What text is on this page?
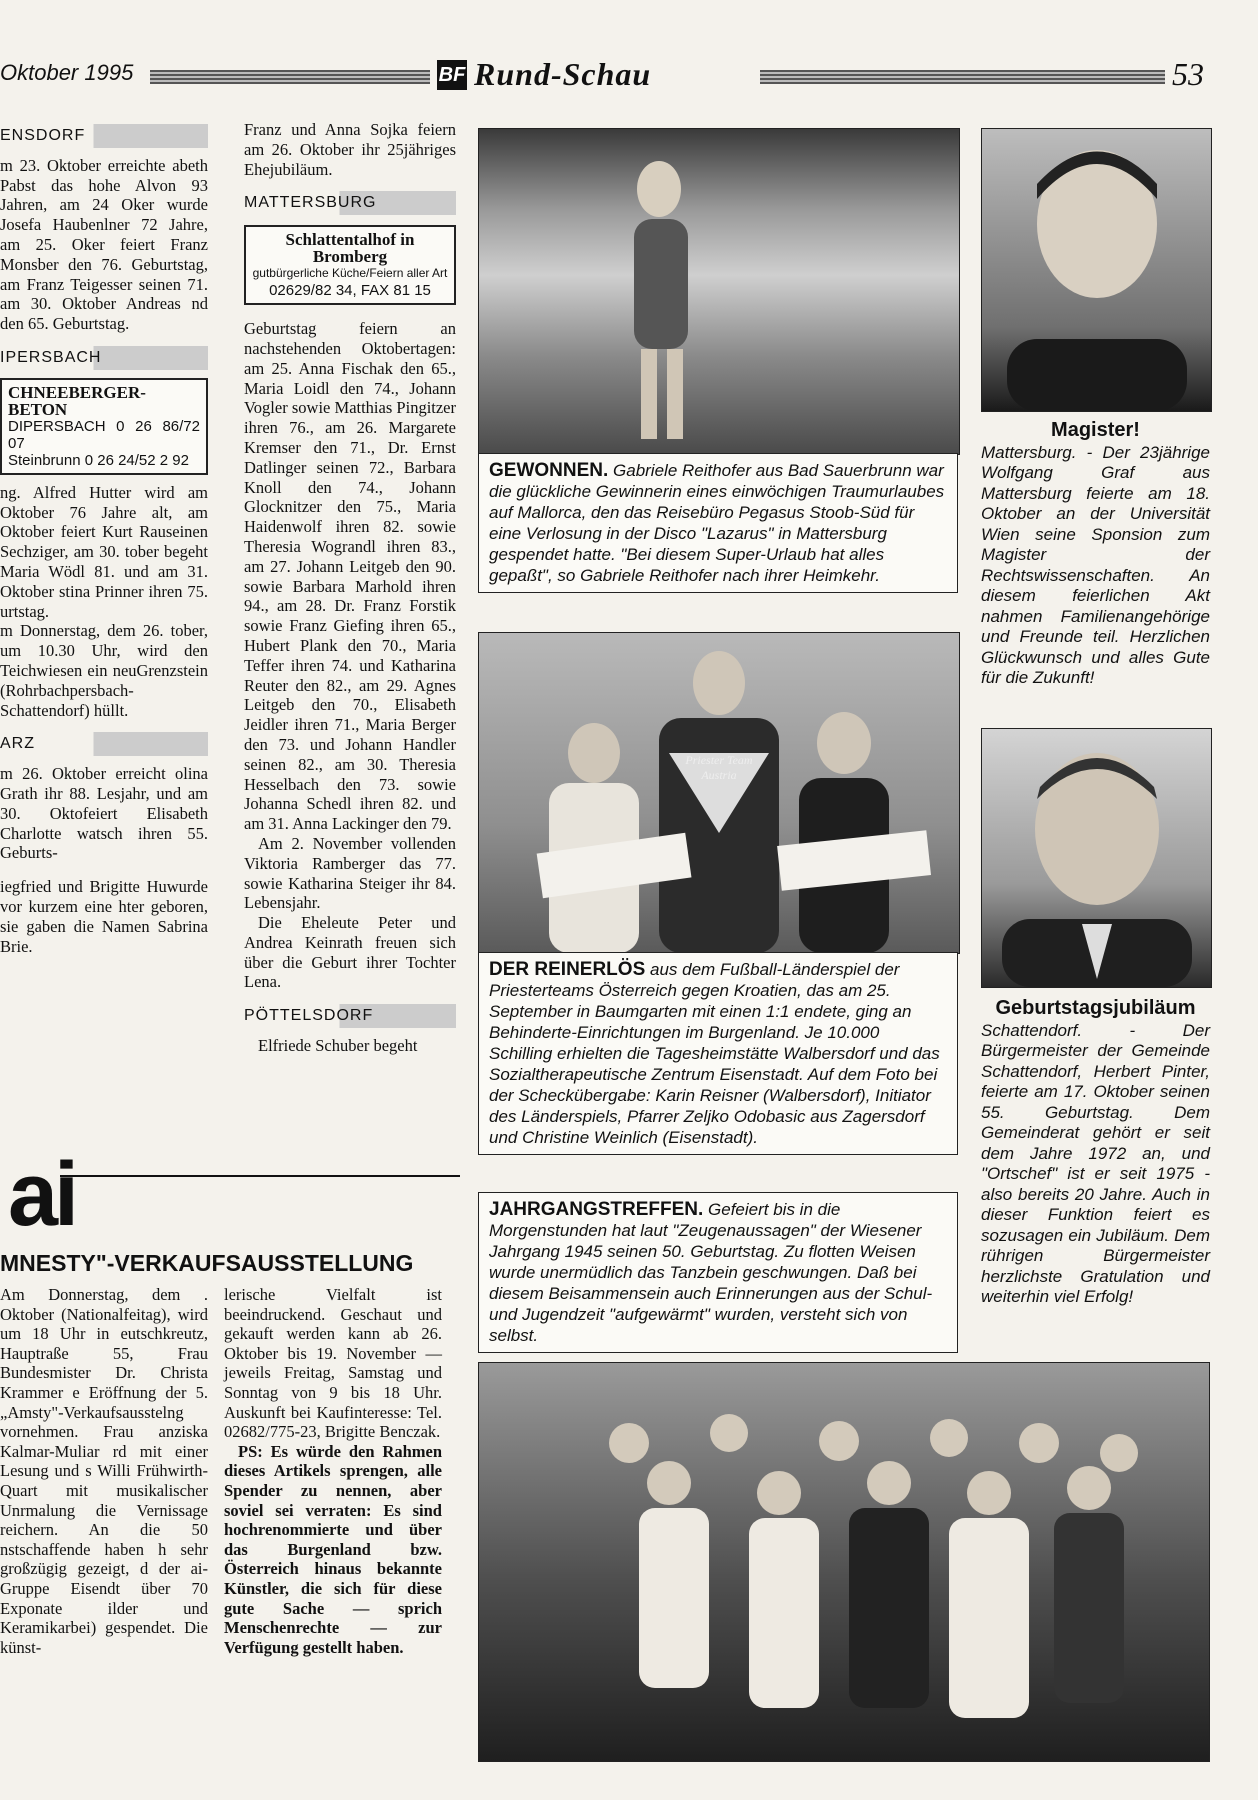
Oktober 1995	BF Rund-Schau	53
ENSDORF

m 23. Oktober erreichte abeth Pabst das hohe Alvon 93 Jahren, am 24 Oker wurde Josefa Haubenlner 72 Jahre, am 25. Oker feiert Franz Monsber den 76. Geburtstag, am Franz Teigesser seinen 71. am 30. Oktober Andreas nd den 65. Geburtstag.

IPERSBACH
CHNEEBERGER-BETON
DIPERSBACH 0 26 86/72 07
Steinbrunn 0 26 24/52 2 92

ng. Alfred Hutter wird am Oktober 76 Jahre alt, am Oktober feiert Kurt Rauseinen Sechziger, am 30. tober begeht Maria Wödl 81. und am 31. Oktober stina Prinner ihren 75. urtstag.

m Donnerstag, dem 26. tober, um 10.30 Uhr, wird den Teichwiesen ein neuGrenzstein (Rohrbachpersbach-Schattendorf) hüllt.

ARZ

m 26. Oktober erreicht olina Grath ihr 88. Lesjahr, und am 30. Oktofeiert Elisabeth Charlotte watsch ihren 55. Geburts-

iegfried und Brigitte Huwurde vor kurzem eine hter geboren, sie gaben die Namen Sabrina Brie.

Franz und Anna Sojka feiern am 26. Oktober ihr 25jähriges Ehejubiläum.

MATTERSBURG
Schlattentalhof in Bromberg
gutbürgerliche Küche/Feiern aller Art
02629/82 34, FAX 81 15

Geburtstag feiern an nachstehenden Oktobertagen: am 25. Anna Fischak den 65., Maria Loidl den 74., Johann Vogler sowie Matthias Pingitzer ihren 76., am 26. Margarete Kremser den 71., Dr. Ernst Datlinger seinen 72., Barbara Knoll den 74., Johann Glocknitzer den 75., Maria Haidenwolf ihren 82. sowie Theresia Wograndl ihren 83., am 27. Johann Leitgeb den 90. sowie Barbara Marhold ihren 94., am 28. Dr. Franz Forstik sowie Franz Giefing ihren 65., Hubert Plank den 70., Maria Teffer ihren 74. und Katharina Reuter den 82., am 29. Agnes Leitgeb den 70., Elisabeth Jeidler ihren 71., Maria Berger den 73. und Johann Handler seinen 82., am 30. Theresia Hesselbach den 73. sowie Johanna Schedl ihren 82. und am 31. Anna Lackinger den 79.

Am 2. November vollenden Viktoria Ramberger das 77. sowie Katharina Steiger ihr 84. Lebensjahr.

Die Eheleute Peter und Andrea Keinrath freuen sich über die Geburt ihrer Tochter Lena.

PÖTTELSDORF

Elfriede Schuber begeht

ai
MNESTY"-VERKAUFSAUSSTELLUNG

Am Donnerstag, dem . Oktober (Nationalfeitag), wird um 18 Uhr in eutschkreutz, Hauptraße 55, Frau Bundesmister Dr. Christa Krammer e Eröffnung der 5. „Amsty"-Verkaufsausstelng vornehmen. Frau anziska Kalmar-Muliar rd mit einer Lesung und s Willi Frühwirth-Quart mit musikalischer Unrmalung die Vernissage reichern. An die 50 nstschaffende haben h sehr großzügig gezeigt, d der ai-Gruppe Eisendt über 70 Exponate ilder und Keramikarbei) gespendet. Die künst-

lerische Vielfalt ist beeindruckend. Geschaut und gekauft werden kann ab 26. Oktober bis 19. November — jeweils Freitag, Samstag und Sonntag von 9 bis 18 Uhr. Auskunft bei Kaufinteresse: Tel. 02682/775-23, Brigitte Benczak.

PS: Es würde den Rahmen dieses Artikels sprengen, alle Spender zu nennen, aber soviel sei verraten: Es sind hochrenommierte und über das Burgenland bzw. Österreich hinaus bekannte Künstler, die sich für diese gute Sache — sprich Menschenrechte — zur Verfügung gestellt haben.

GEWONNEN. Gabriele Reithofer aus Bad Sauerbrunn war die glückliche Gewinnerin eines einwöchigen Traumurlaubes auf Mallorca, den das Reisebüro Pegasus Stoob-Süd für eine Verlosung in der Disco "Lazarus" in Mattersburg gespendet hatte. "Bei diesem Super-Urlaub hat alles gepaßt", so Gabriele Reithofer nach ihrer Heimkehr.
Priester Team Austria
DER REINERLÖS aus dem Fußball-Länderspiel der Priesterteams Österreich gegen Kroatien, das am 25. September in Baumgarten mit einen 1:1 endete, ging an Behinderte-Einrichtungen im Burgenland. Je 10.000 Schilling erhielten die Tagesheimstätte Walbersdorf und das Sozialtherapeutische Zentrum Eisenstadt. Auf dem Foto bei der Scheckübergabe: Karin Reisner (Walbersdorf), Initiator des Länderspiels, Pfarrer Zeljko Odobasic aus Zagersdorf und Christine Weinlich (Eisenstadt).
JAHRGANGSTREFFEN. Gefeiert bis in die Morgenstunden hat laut "Zeugenaussagen" der Wiesener Jahrgang 1945 seinen 50. Geburtstag. Zu flotten Weisen wurde unermüdlich das Tanzbein geschwungen. Daß bei diesem Beisammensein auch Erinnerungen aus der Schul- und Jugendzeit "aufgewärmt" wurden, versteht sich von selbst.
Magister!

Mattersburg. - Der 23jährige Wolfgang Graf aus Mattersburg feierte am 18. Oktober an der Universität Wien seine Sponsion zum Magister der Rechtswissenschaften. An diesem feierlichen Akt nahmen Familienangehörige und Freunde teil. Herzlichen Glückwunsch und alles Gute für die Zukunft!

Geburtstagsjubiläum

Schattendorf. - Der Bürgermeister der Gemeinde Schattendorf, Herbert Pinter, feierte am 17. Oktober seinen 55. Geburtstag. Dem Gemeinderat gehört er seit dem Jahre 1972 an, und "Ortschef" ist er seit 1975 - also bereits 20 Jahre. Auch in dieser Funktion feiert es sozusagen ein Jubiläum. Dem rührigen Bürgermeister herzlichste Gratulation und weiterhin viel Erfolg!
